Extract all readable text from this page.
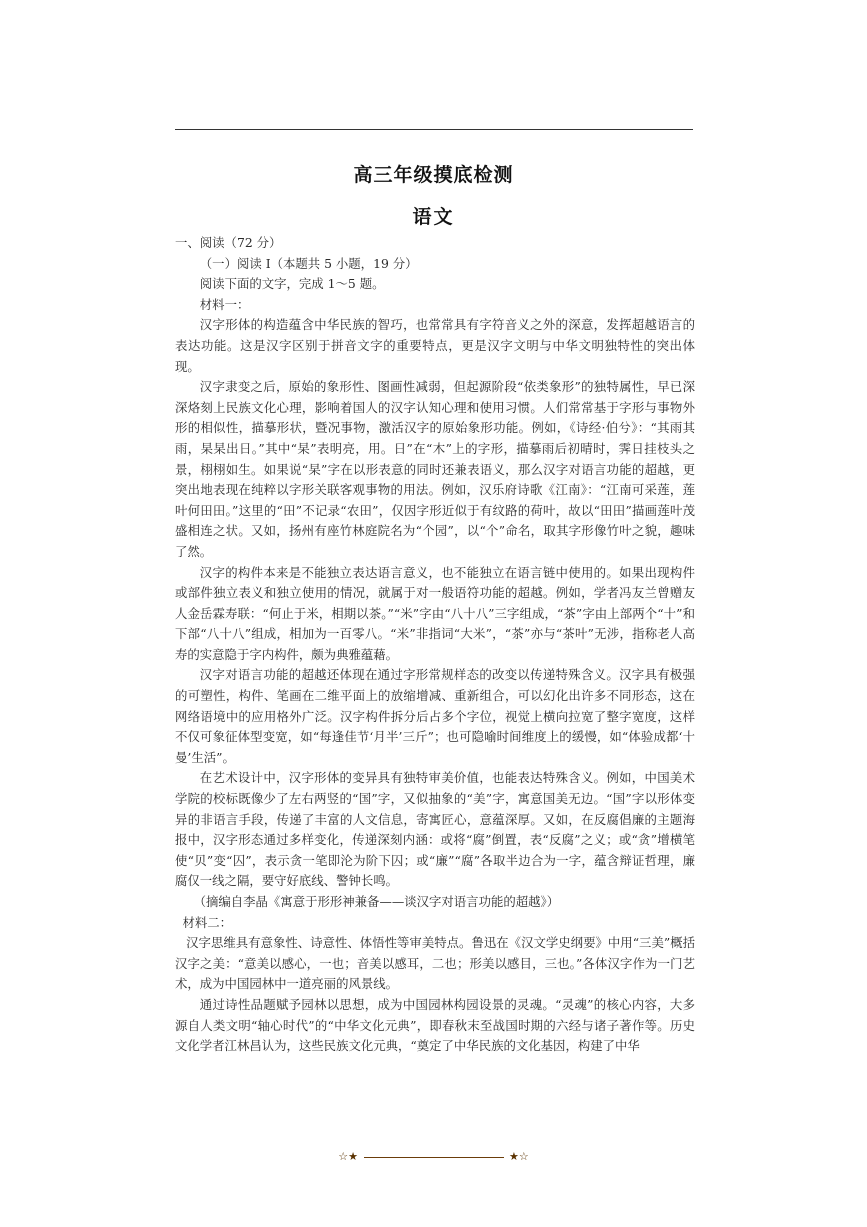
高三年级摸底检测
语文

一、阅读（72 分）

（一）阅读 I（本题共 5 小题，19 分）

阅读下面的文字，完成 1～5 题。

材料一：

汉字形体的构造蕴含中华民族的智巧，也常常具有字符音义之外的深意，发挥超越语言的表达功能。这是汉字区别于拼音文字的重要特点，更是汉字文明与中华文明独特性的突出体现。

汉字隶变之后，原始的象形性、图画性减弱，但起源阶段“依类象形”的独特属性，早已深深烙刻上民族文化心理，影响着国人的汉字认知心理和使用习惯。人们常常基于字形与事物外形的相似性，描摹形状，暨况事物，激活汉字的原始象形功能。例如，《诗经·伯兮》：“其雨其雨，杲杲出日。”其中“杲”表明亮，用。日”在“木”上的字形，描摹雨后初晴时，霁日挂枝头之景，栩栩如生。如果说“杲”字在以形表意的同时还兼表语义，那么汉字对语言功能的超越，更突出地表现在纯粹以字形关联客观事物的用法。例如，汉乐府诗歌《江南》：“江南可采莲，莲叶何田田。”这里的“田”不记录“农田”，仅因字形近似于有纹路的荷叶，故以“田田”描画莲叶茂盛相连之状。又如，扬州有座竹林庭院名为“个园”，以“个”命名，取其字形像竹叶之貌，趣味了然。

汉字的构件本来是不能独立表达语言意义，也不能独立在语言链中使用的。如果出现构件或部件独立表义和独立使用的情况，就属于对一般语符功能的超越。例如，学者冯友兰曾赠友人金岳霖寿联：“何止于米，相期以茶。”“米”字由“八十八”三字组成，“茶”字由上部两个“十”和下部“八十八”组成，相加为一百零八。“米”非指词“大米”，“茶”亦与“茶叶”无涉，指称老人高寿的实意隐于字内构件，颇为典雅蕴藉。

汉字对语言功能的超越还体现在通过字形常规样态的改变以传递特殊含义。汉字具有极强的可塑性，构件、笔画在二维平面上的放缩增减、重新组合，可以幻化出许多不同形态，这在网络语境中的应用格外广泛。汉字构件拆分后占多个字位，视觉上横向拉宽了整字宽度，这样不仅可象征体型变宽，如“每逢佳节‘月半’三斤”；也可隐喻时间维度上的缓慢，如“体验成都‘十　曼’生活”。

在艺术设计中，汉字形体的变异具有独特审美价值，也能表达特殊含义。例如，中国美术学院的校标既像少了左右两竖的“国”字，又似抽象的“美”字，寓意国美无边。“国”字以形体变异的非语言手段，传递了丰富的人文信息，寄寓匠心，意蕴深厚。又如，在反腐倡廉的主题海报中，汉字形态通过多样变化，传递深刻内涵：或将“腐”倒置，表“反腐”之义；或“贪”增横笔使“贝”变“囚”，表示贪一笔即沦为阶下囚；或“廉”“腐”各取半边合为一字，蕴含辩证哲理，廉腐仅一线之隔，要守好底线、警钟长鸣。

（摘编自李晶《寓意于形形神兼备——谈汉字对语言功能的超越》）

材料二：

汉字思维具有意象性、诗意性、体悟性等审美特点。鲁迅在《汉文学史纲要》中用“三美”概括汉字之美：“意美以感心，一也；音美以感耳，二也；形美以感目，三也。”各体汉字作为一门艺术，成为中国园林中一道亮丽的风景线。

通过诗性品题赋予园林以思想，成为中国园林构园设景的灵魂。“灵魂”的核心内容，大多源自人类文明“轴心时代”的“中华文化元典”，即春秋末至战国时期的六经与诸子著作等。历史文化学者江林昌认为，这些民族文化元典，“奠定了中华民族的文化基因，构建了中华

☆★	★☆
